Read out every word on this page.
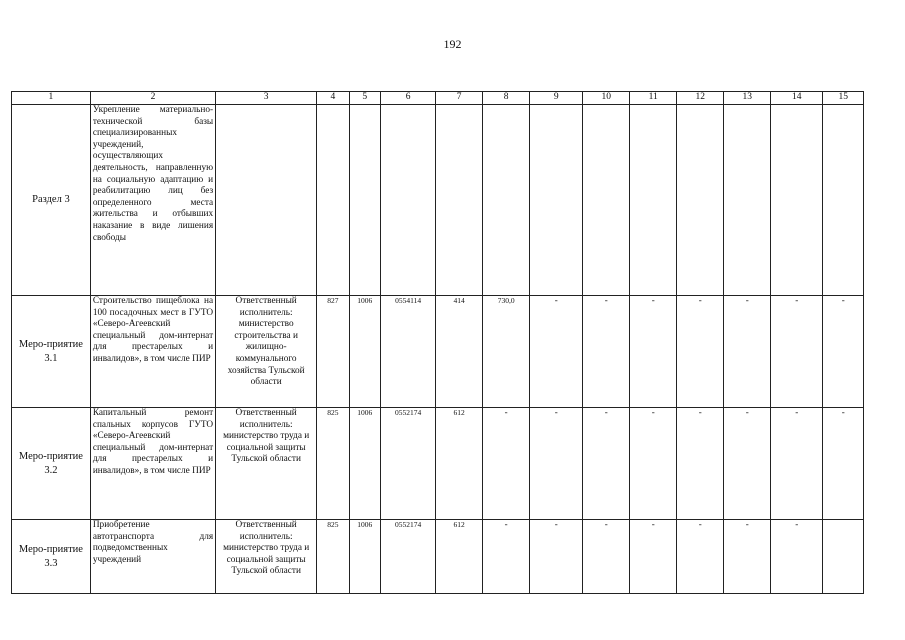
192
1	2	3	4	5	6	7	8	9	10	11	12	13	14	15
Раздел 3	Укрепление материально-технической базы специализированных учреждений, осуществляющих деятельность, направленную на социальную адаптацию и реабилитацию лиц без определенного места жительства и отбывших наказание в виде лишения свободы													
Меро-приятие 3.1	Строительство пищеблока на 100 посадочных мест в ГУТО «Северо-Агеевский специальный дом-интернат для престарелых и инвалидов», в том числе ПИР	Ответственный исполнитель: министерство строительства и жилищно-коммунального хозяйства Тульской области	827	1006	0554114	414	730,0	-	-	-	-	-	-	-
Меро-приятие 3.2	Капитальный ремонт спальных корпусов ГУТО «Северо-Агеевский специальный дом-интернат для престарелых и инвалидов», в том числе ПИР	Ответственный исполнитель: министерство труда и социальной защиты Тульской области	825	1006	0552174	612	-	-	-	-	-	-	-	-
Меро-приятие 3.3	Приобретение автотранспорта для подведомственных учреждений	Ответственный исполнитель: министерство труда и социальной защиты Тульской области	825	1006	0552174	612	-	-	-	-	-	-	-	
